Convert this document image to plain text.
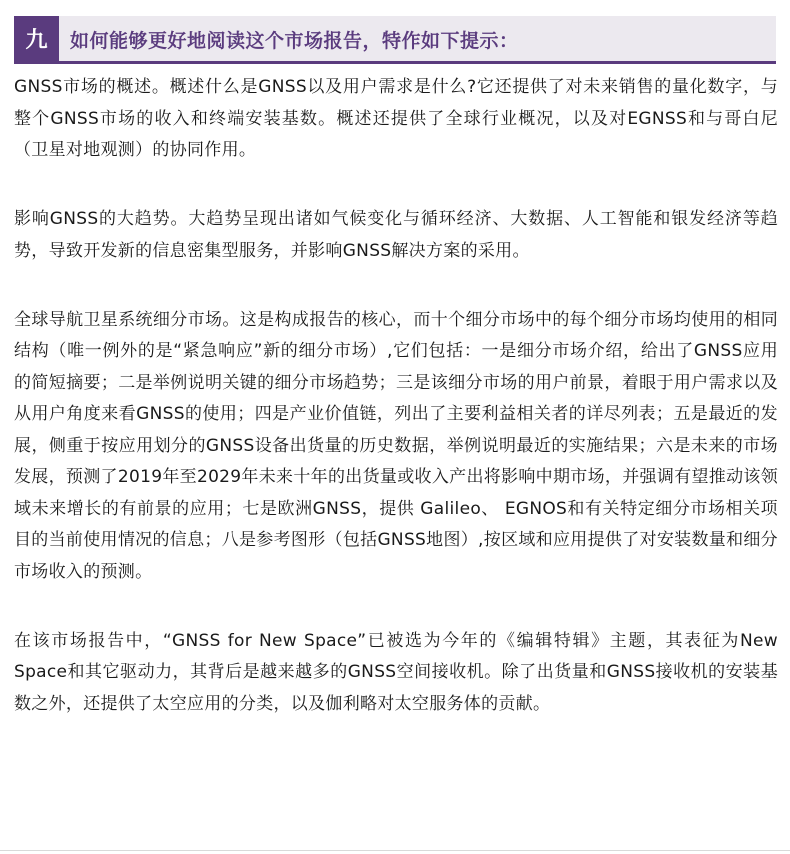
九	如何能够更好地阅读这个市场报告，特作如下提示：

GNSS市场的概述。概述什么是GNSS以及用户需求是什么?它还提供了对未来销售的量化数字，与整个GNSS市场的收入和终端安装基数。概述还提供了全球行业概况，以及对EGNSS和与哥白尼（卫星对地观测）的协同作用。

影响GNSS的大趋势。大趋势呈现出诸如气候变化与循环经济、大数据、人工智能和银发经济等趋势，导致开发新的信息密集型服务，并影响GNSS解决方案的采用。

全球导航卫星系统细分市场。这是构成报告的核心，而十个细分市场中的每个细分市场均使用的相同结构（唯一例外的是“紧急响应”新的细分市场）,它们包括：一是细分市场介绍，给出了GNSS应用的简短摘要；二是举例说明关键的细分市场趋势；三是该细分市场的用户前景，着眼于用户需求以及从用户角度来看GNSS的使用；四是产业价值链，列出了主要利益相关者的详尽列表；五是最近的发展，侧重于按应用划分的GNSS设备出货量的历史数据，举例说明最近的实施结果；六是未来的市场发展，预测了2019年至2029年未来十年的出货量或收入产出将影响中期市场，并强调有望推动该领域未来增长的有前景的应用；七是欧洲GNSS，提供 Galileo、 EGNOS和有关特定细分市场相关项目的当前使用情况的信息；八是参考图形（包括GNSS地图）,按区域和应用提供了对安装数量和细分市场收入的预测。

在该市场报告中，“GNSS for New Space”已被选为今年的《编辑特辑》主题，其表征为New Space和其它驱动力，其背后是越来越多的GNSS空间接收机。除了出货量和GNSS接收机的安装基数之外，还提供了太空应用的分类，以及伽利略对太空服务体的贡献。
